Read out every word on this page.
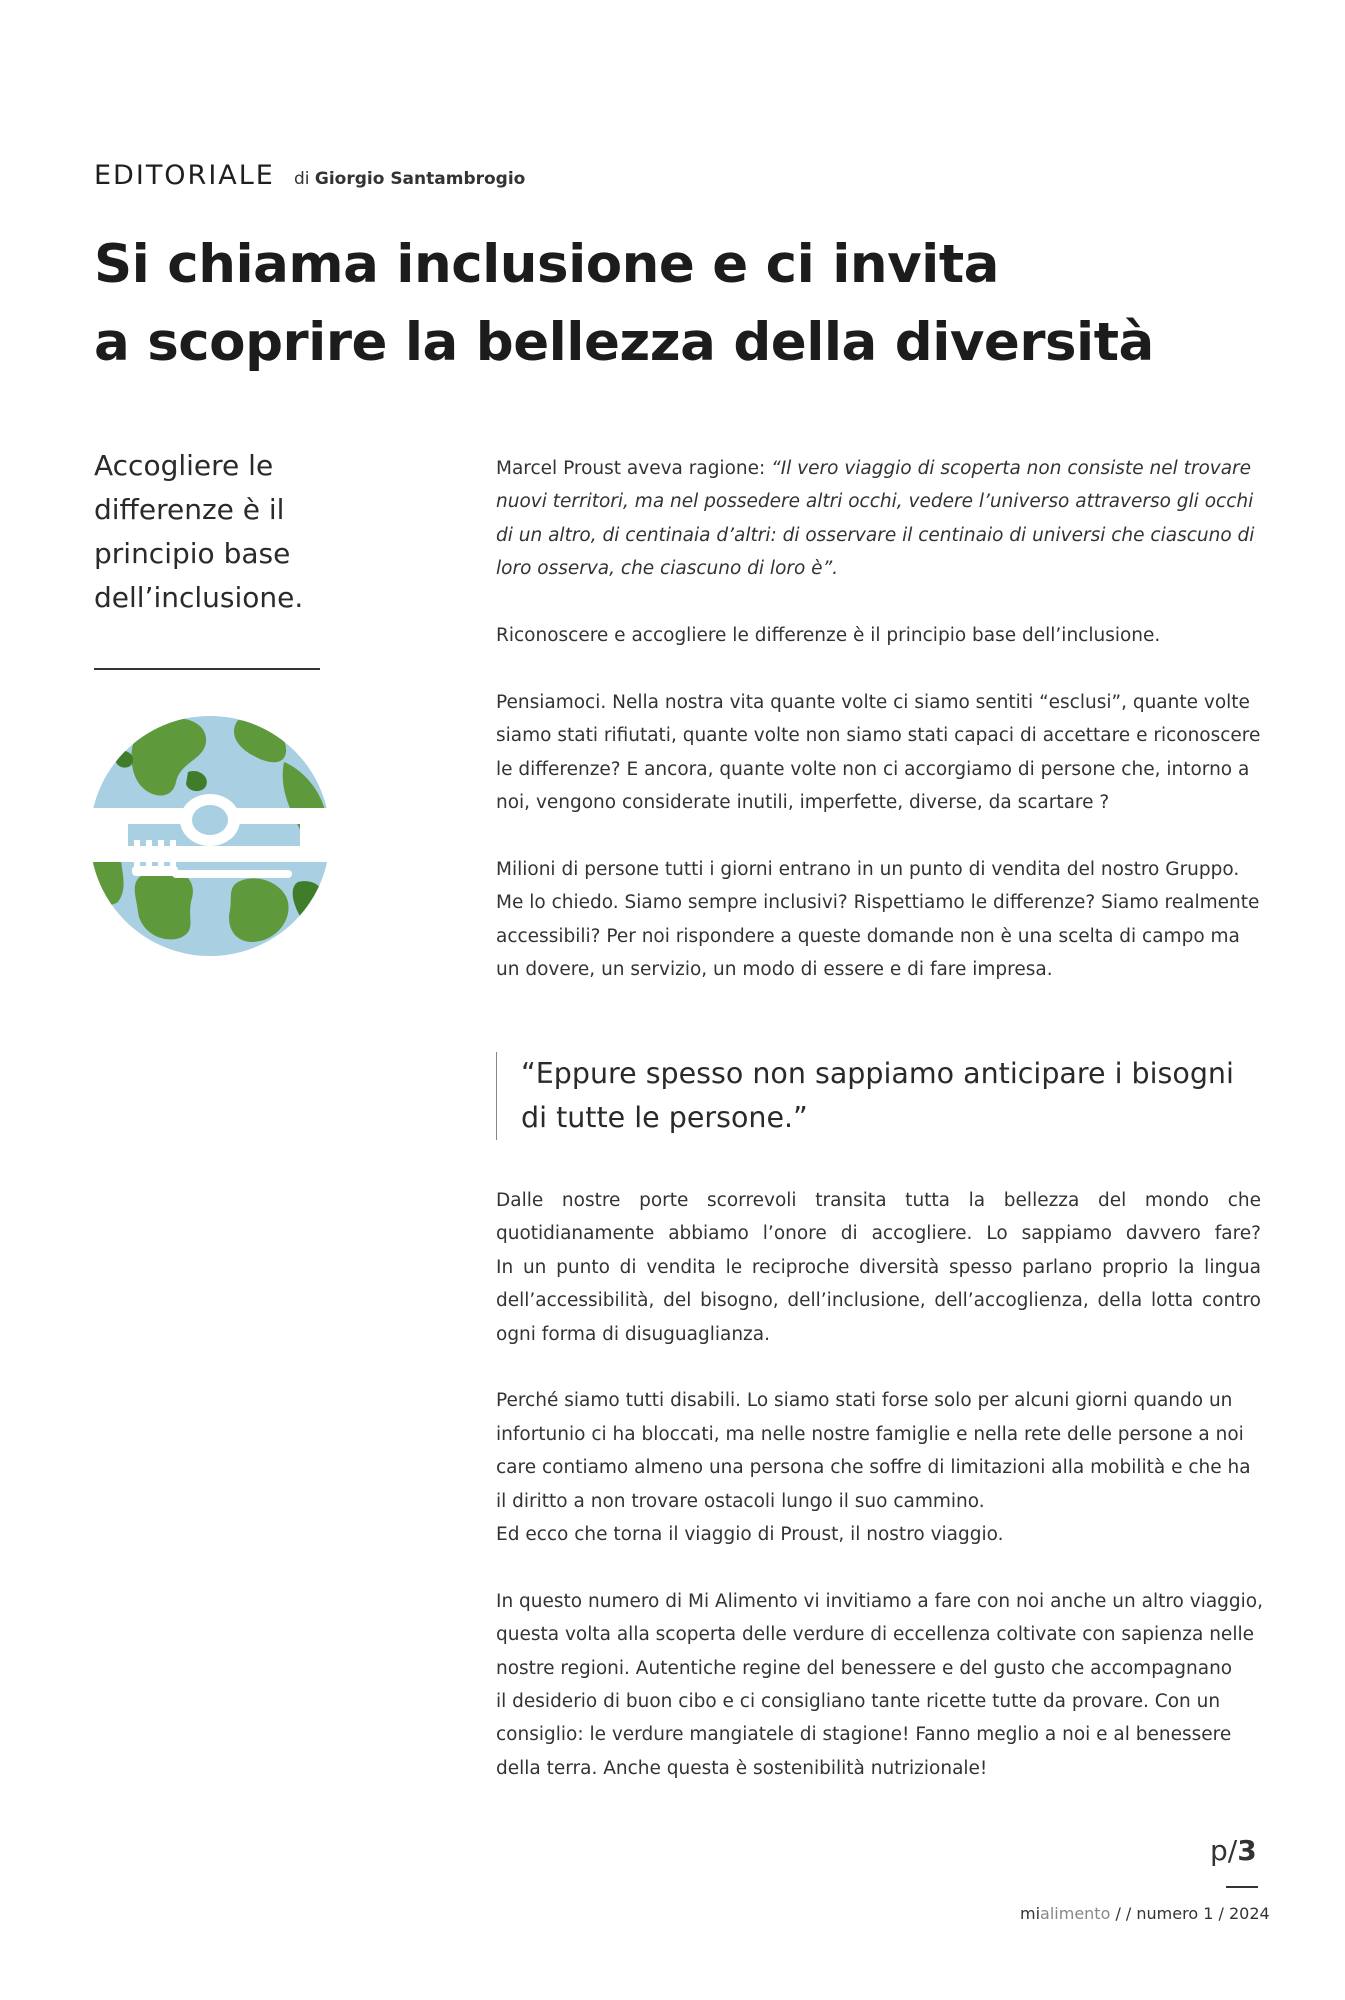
EDITORIALE di Giorgio Santambrogio
Si chiama inclusione e ci invita
a scoprire la bellezza della diversità

Accogliere le
differenze è il
principio base
dell’inclusione.

Marcel Proust aveva ragione: “Il vero viaggio di scoperta non consiste nel trovare
nuovi territori, ma nel possedere altri occhi, vedere l’universo attraverso gli occhi
di un altro, di centinaia d’altri: di osservare il centinaio di universi che ciascuno di
loro osserva, che ciascuno di loro è”.

Riconoscere e accogliere le differenze è il principio base dell’inclusione.

Pensiamoci. Nella nostra vita quante volte ci siamo sentiti “esclusi”, quante volte
siamo stati rifiutati, quante volte non siamo stati capaci di accettare e riconoscere
le differenze? E ancora, quante volte non ci accorgiamo di persone che, intorno a
noi, vengono considerate inutili, imperfette, diverse, da scartare ?

Milioni di persone tutti i giorni entrano in un punto di vendita del nostro Gruppo.
Me lo chiedo. Siamo sempre inclusivi? Rispettiamo le differenze? Siamo realmente
accessibili? Per noi rispondere a queste domande non è una scelta di campo ma
un dovere, un servizio, un modo di essere e di fare impresa.

“Eppure spesso non sappiamo anticipare i bisogni
di tutte le persone.”

Dalle nostre porte scorrevoli transita tutta la bellezza del mondo che
quotidianamente abbiamo l’onore di accogliere. Lo sappiamo davvero fare?
In un punto di vendita le reciproche diversità spesso parlano proprio la lingua
dell’accessibilità, del bisogno, dell’inclusione, dell’accoglienza, della lotta contro
ogni forma di disuguaglianza.

Perché siamo tutti disabili. Lo siamo stati forse solo per alcuni giorni quando un
infortunio ci ha bloccati, ma nelle nostre famiglie e nella rete delle persone a noi
care contiamo almeno una persona che soffre di limitazioni alla mobilità e che ha
il diritto a non trovare ostacoli lungo il suo cammino.
Ed ecco che torna il viaggio di Proust, il nostro viaggio.

In questo numero di Mi Alimento vi invitiamo a fare con noi anche un altro viaggio,
questa volta alla scoperta delle verdure di eccellenza coltivate con sapienza nelle
nostre regioni. Autentiche regine del benessere e del gusto che accompagnano
il desiderio di buon cibo e ci consigliano tante ricette tutte da provare. Con un
consiglio: le verdure mangiatele di stagione! Fanno meglio a noi e al benessere
della terra. Anche questa è sostenibilità nutrizionale!

p/3
mialimento / / numero 1 / 2024
